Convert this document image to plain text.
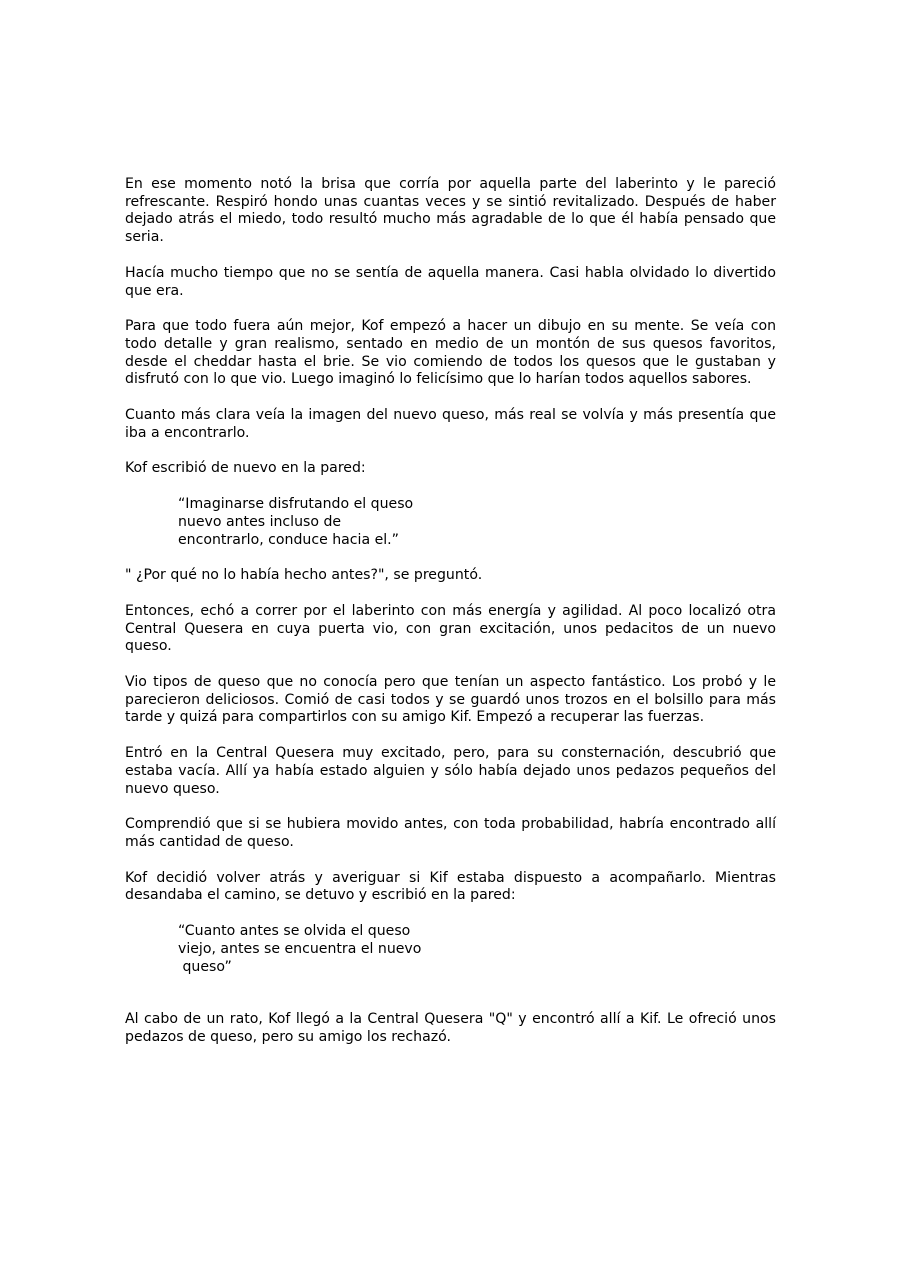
En ese momento notó la brisa que corría por aquella parte del laberinto y le pareció refrescante. Respiró hondo unas cuantas veces y se sintió revitalizado. Después de haber dejado atrás el miedo, todo resultó mucho más agradable de lo que él había pensado que seria.

Hacía mucho tiempo que no se sentía de aquella manera. Casi habla olvidado lo divertido que era.

Para que todo fuera aún mejor, Kof empezó a hacer un dibujo en su mente. Se veía con todo detalle y gran realismo, sentado en medio de un montón de sus quesos favoritos, desde el cheddar hasta el brie. Se vio comiendo de todos los quesos que le gustaban y disfrutó con lo que vio. Luego imaginó lo felicísimo que lo harían todos aquellos sabores.

Cuanto más clara veía la imagen del nuevo queso, más real se volvía y más presentía que iba a encontrarlo.

Kof escribió de nuevo en la pared:

“Imaginarse disfrutando el queso
nuevo antes incluso de
encontrarlo, conduce hacia el.”

" ¿Por qué no lo había hecho antes?", se preguntó.

Entonces, echó a correr por el laberinto con más energía y agilidad. Al poco localizó otra Central Quesera en cuya puerta vio, con gran excitación, unos pedacitos de un nuevo queso.

Vio tipos de queso que no conocía pero que tenían un aspecto fantástico. Los probó y le parecieron deliciosos. Comió de casi todos y se guardó unos trozos en el bolsillo para más tarde y quizá para compartirlos con su amigo Kif. Empezó a recuperar las fuerzas.

Entró en la Central Quesera muy excitado, pero, para su consternación, descubrió que estaba vacía. Allí ya había estado alguien y sólo había dejado unos pedazos pequeños del nuevo queso.

Comprendió que si se hubiera movido antes, con toda probabilidad, habría encontrado allí más cantidad de queso.

Kof decidió volver atrás y averiguar si Kif estaba dispuesto a acompañarlo. Mientras desandaba el camino, se detuvo y escribió en la pared:

“Cuanto antes se olvida el queso
viejo, antes se encuentra el nuevo
queso”

Al cabo de un rato, Kof llegó a la Central Quesera "Q" y encontró allí a Kif. Le ofreció unos pedazos de queso, pero su amigo los rechazó.
